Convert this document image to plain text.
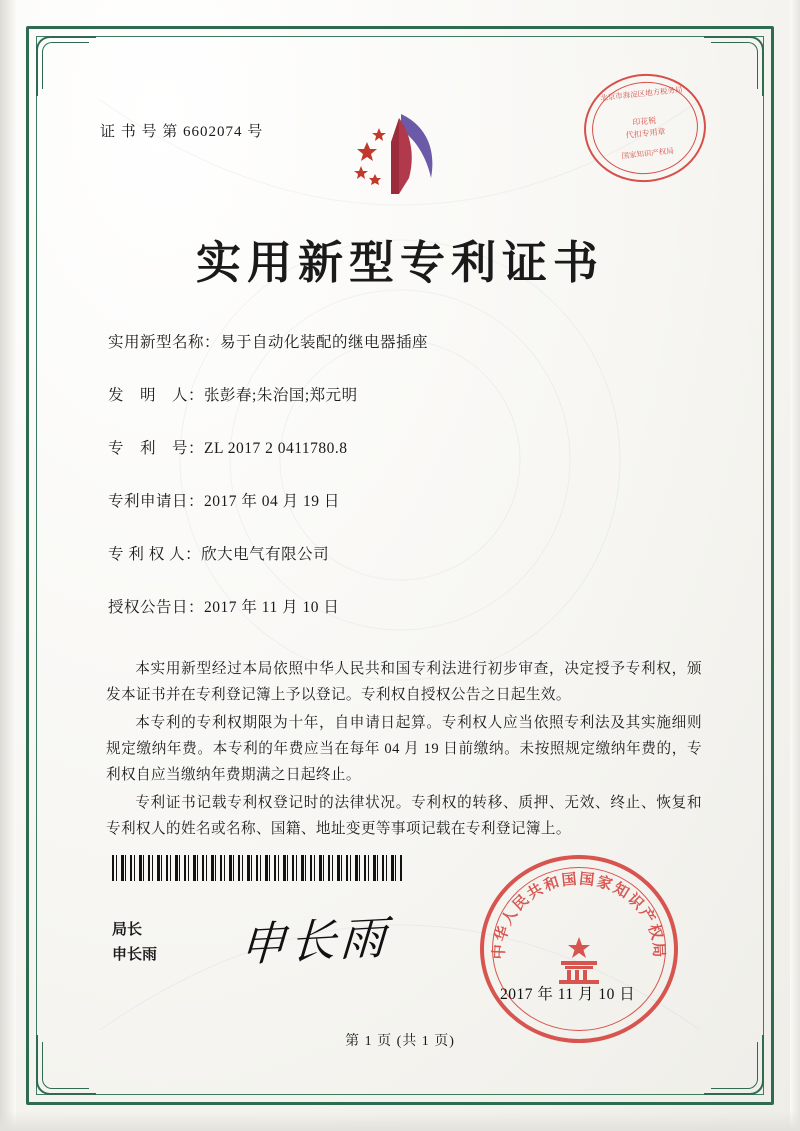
证 书 号 第 6602074 号
北京市海淀区地方税务局
印花税
代扣专用章
国家知识产权局
实用新型专利证书
实用新型名称：易于自动化装配的继电器插座
发　明　人：张彭春;朱治国;郑元明
专　利　号：ZL 2017 2 0411780.8
专利申请日：2017 年 04 月 19 日
专 利 权 人：欣大电气有限公司
授权公告日：2017 年 11 月 10 日

本实用新型经过本局依照中华人民共和国专利法进行初步审查，决定授予专利权，颁发本证书并在专利登记簿上予以登记。专利权自授权公告之日起生效。

本专利的专利权期限为十年，自申请日起算。专利权人应当依照专利法及其实施细则规定缴纳年费。本专利的年费应当在每年 04 月 19 日前缴纳。未按照规定缴纳年费的，专利权自应当缴纳年费期满之日起终止。

专利证书记载专利权登记时的法律状况。专利权的转移、质押、无效、终止、恢复和专利权人的姓名或名称、国籍、地址变更等事项记载在专利登记簿上。

局长
申长雨 申长雨	中华人民共和国国家知识产权局
2017 年 11 月 10 日
第 1 页 (共 1 页)
